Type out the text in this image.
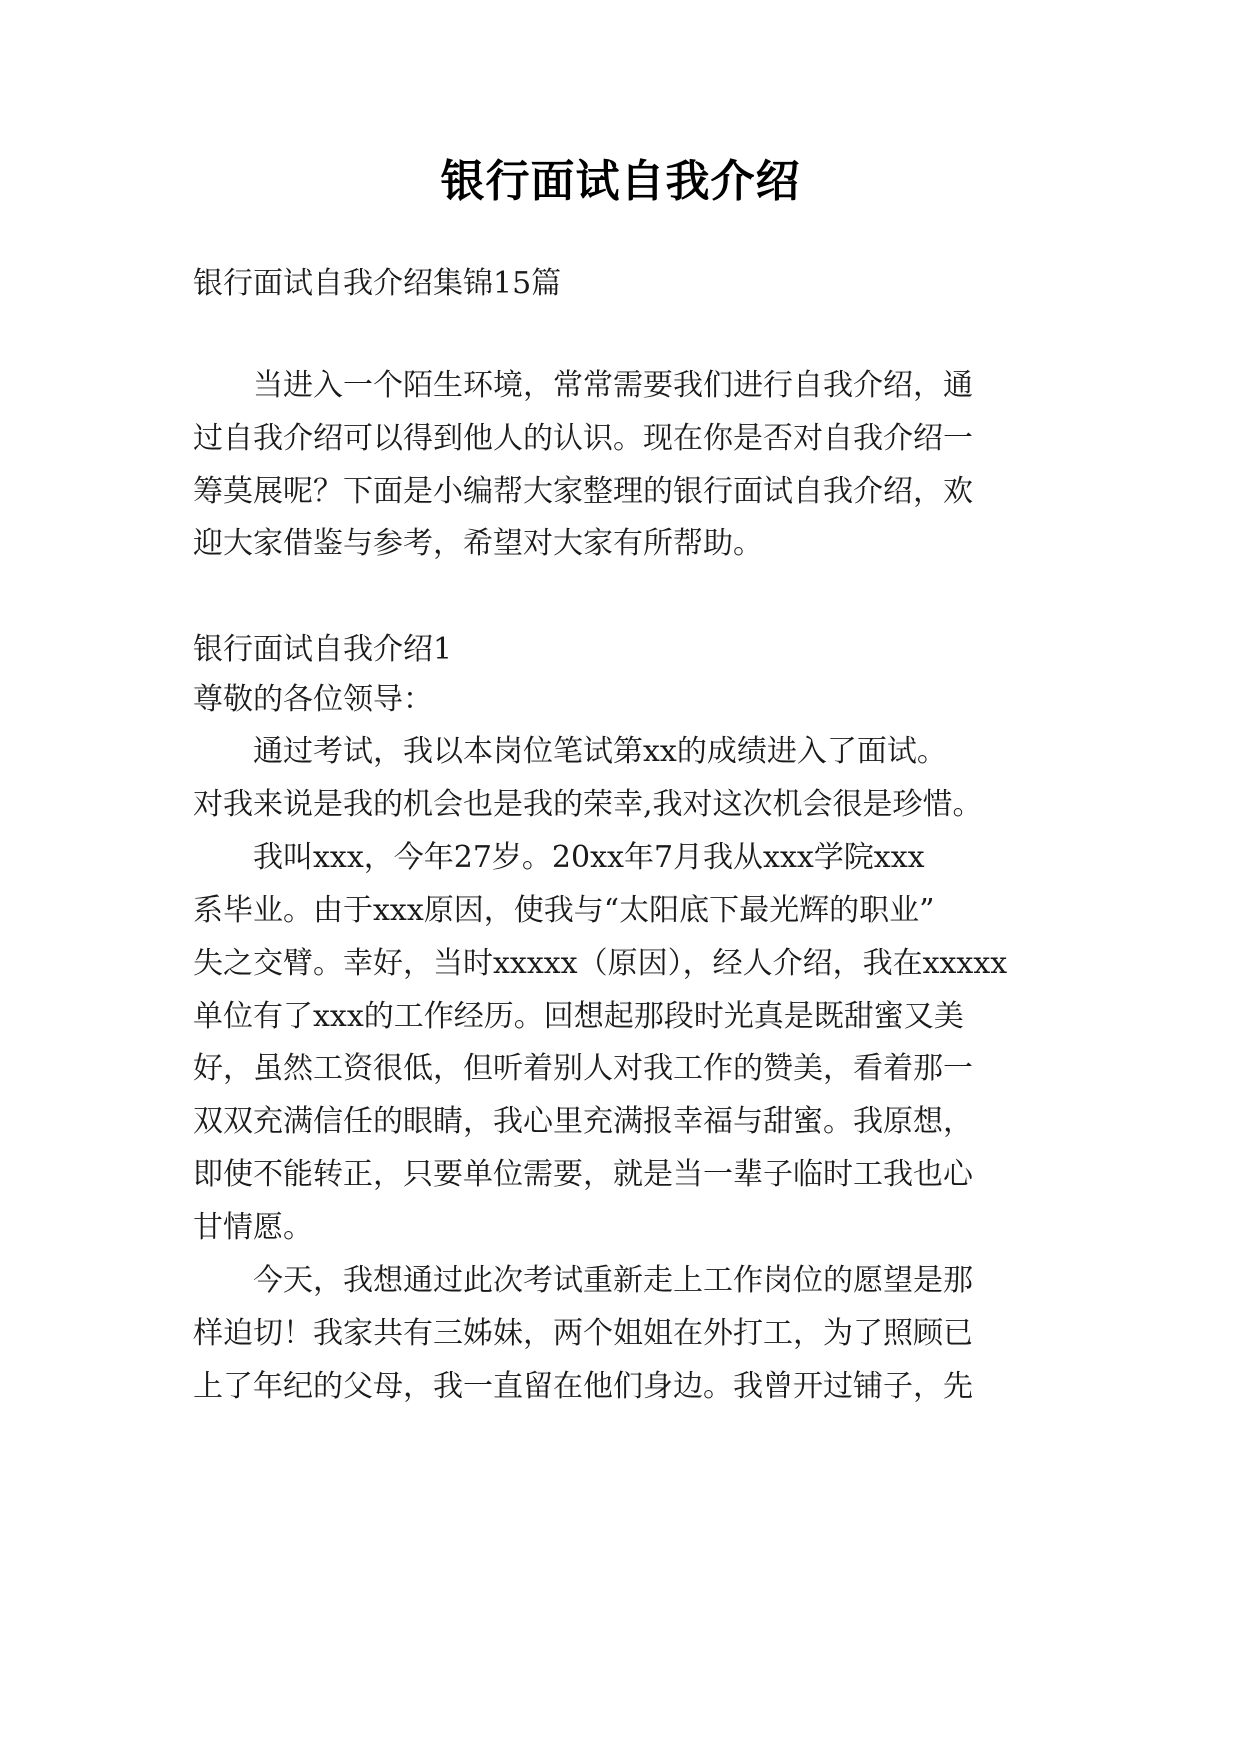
银行面试自我介绍
银行面试自我介绍集锦15篇
当进入一个陌生环境，常常需要我们进行自我介绍，通
过自我介绍可以得到他人的认识。现在你是否对自我介绍一
筹莫展呢？下面是小编帮大家整理的银行面试自我介绍，欢
迎大家借鉴与参考，希望对大家有所帮助。
银行面试自我介绍1
尊敬的各位领导：
通过考试，我以本岗位笔试第xx的成绩进入了面试。
对我来说是我的机会也是我的荣幸,我对这次机会很是珍惜。
我叫xxx，今年27岁。20xx年7月我从xxx学院xxx
系毕业。由于xxx原因，使我与“太阳底下最光辉的职业”
失之交臂。幸好，当时xxxxx（原因），经人介绍，我在xxxxx
单位有了xxx的工作经历。回想起那段时光真是既甜蜜又美
好，虽然工资很低，但听着别人对我工作的赞美，看着那一
双双充满信任的眼睛，我心里充满报幸福与甜蜜。我原想，
即使不能转正，只要单位需要，就是当一辈子临时工我也心
甘情愿。
今天，我想通过此次考试重新走上工作岗位的愿望是那
样迫切！我家共有三姊妹，两个姐姐在外打工，为了照顾已
上了年纪的父母，我一直留在他们身边。我曾开过铺子，先
